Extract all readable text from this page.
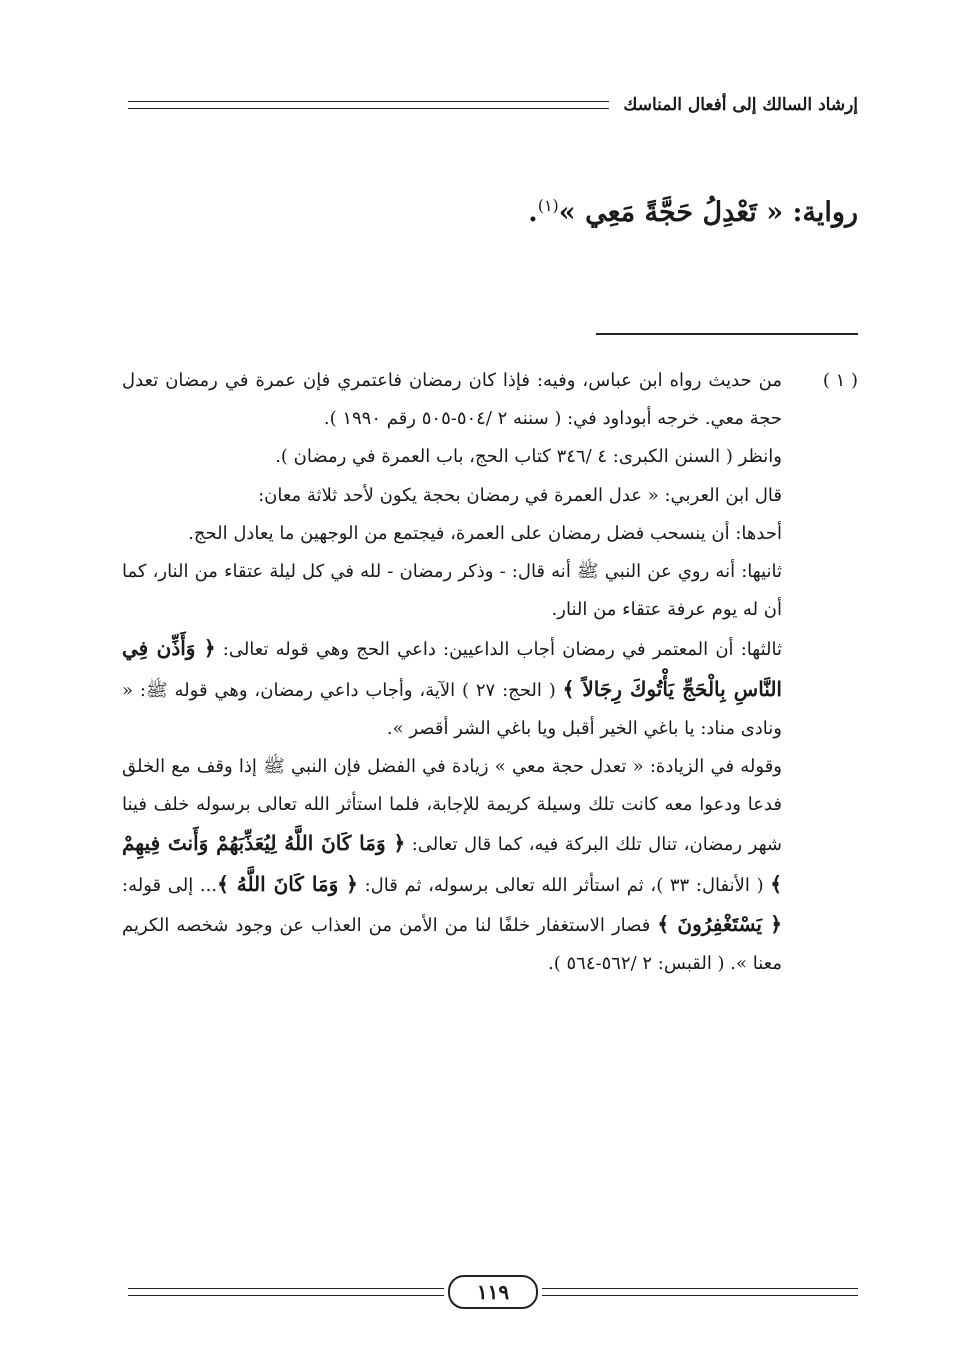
إرشاد السالك إلى أفعال المناسك
رواية: « تَعْدِلُ حَجَّةً مَعِي »$^{(١)}$.
( ١ )

من حديث رواه ابن عباس، وفيه: فإذا كان رمضان فاعتمري فإن عمرة في رمضان تعدل حجة معي. خرجه أبوداود في: ( سننه ٢ /٥٠٤-٥٠٥ رقم ١٩٩٠ ).

وانظر ( السنن الكبرى: ٤ /٣٤٦ كتاب الحج، باب العمرة في رمضان ).

قال ابن العربي: « عدل العمرة في رمضان بحجة يكون لأحد ثلاثة معان:

أحدها: أن ينسحب فضل رمضان على العمرة، فيجتمع من الوجهين ما يعادل الحج.

ثانيها: أنه روي عن النبي ﷺ أنه قال: - وذكر رمضان - لله في كل ليلة عتقاء من النار، كما أن له يوم عرفة عتقاء من النار.

ثالثها: أن المعتمر في رمضان أجاب الداعيين: داعي الحج وهي قوله تعالى: ﴿ وَأَذِّن فِي النَّاسِ بِالْحَجِّ يَأْتُوكَ رِجَالاً ﴾ ( الحج: ٢٧ ) الآية، وأجاب داعي رمضان، وهي قوله ﷺ: « ونادى مناد: يا باغي الخير أقبل ويا باغي الشر أقصر ».

وقوله في الزيادة: « تعدل حجة معي » زيادة في الفضل فإن النبي ﷺ إذا وقف مع الخلق فدعا ودعوا معه كانت تلك وسيلة كريمة للإجابة، فلما استأثر الله تعالى برسوله خلف فينا شهر رمضان، تنال تلك البركة فيه، كما قال تعالى: ﴿ وَمَا كَانَ اللَّهُ لِيُعَذِّبَهُمْ وَأَنتَ فِيهِمْ ﴾ ( الأنفال: ٣٣ )، ثم استأثر الله تعالى برسوله، ثم قال: ﴿ وَمَا كَانَ اللَّهُ ﴾... إلى قوله: ﴿ يَسْتَغْفِرُونَ ﴾ فصار الاستغفار خلفًا لنا من الأمن من العذاب عن وجود شخصه الكريم معنا ». ( القبس: ٢ /٥٦٢-٥٦٤ ).

١١٩
